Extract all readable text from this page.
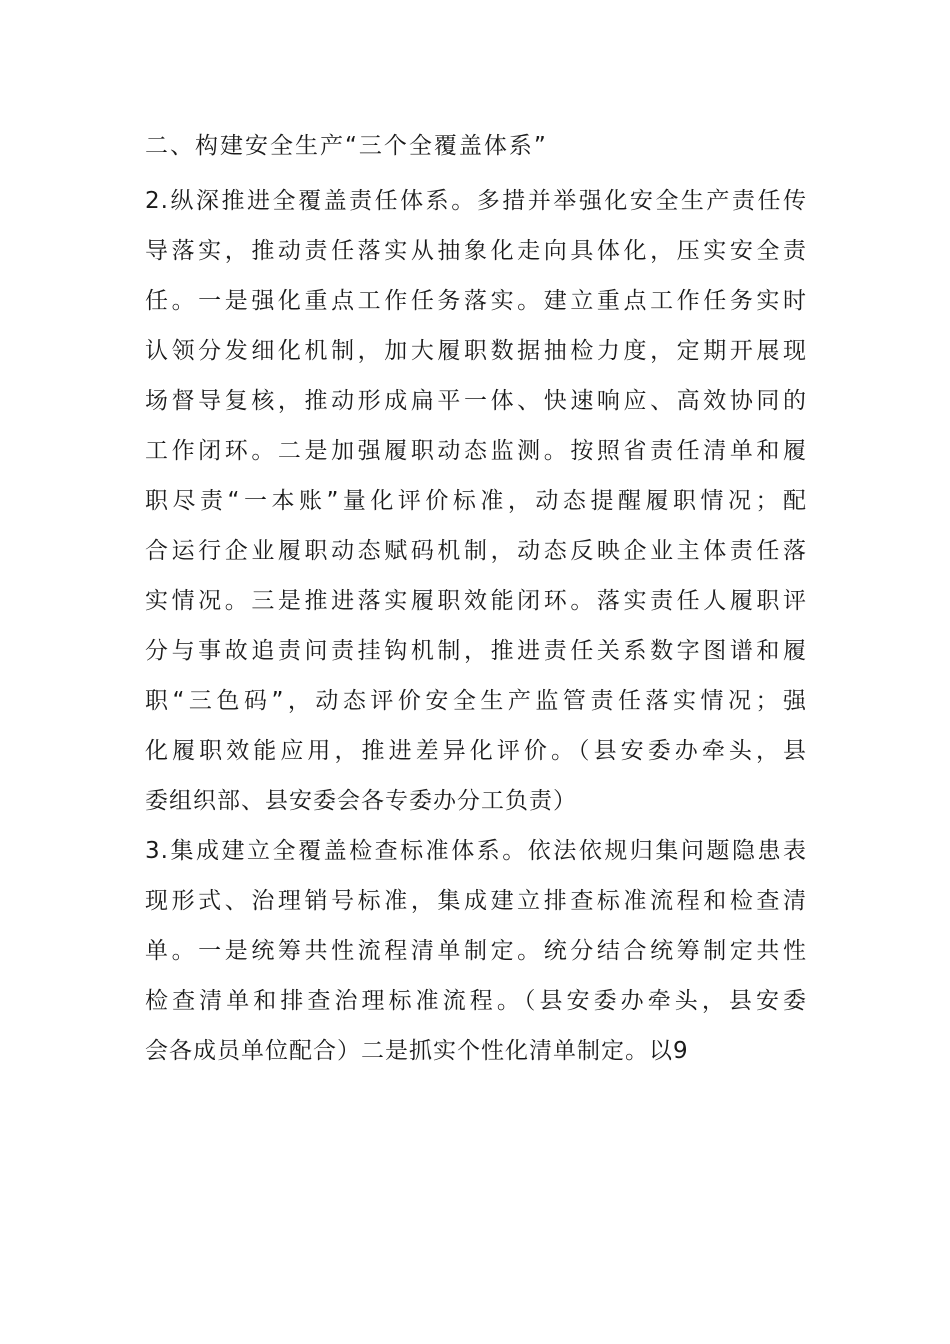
二、构建安全生产“三个全覆盖体系”
2.纵深推进全覆盖责任体系。多措并举强化安全生产责任传
导落实，推动责任落实从抽象化走向具体化，压实安全责
任。一是强化重点工作任务落实。建立重点工作任务实时
认领分发细化机制，加大履职数据抽检力度，定期开展现
场督导复核，推动形成扁平一体、快速响应、高效协同的
工作闭环。二是加强履职动态监测。按照省责任清单和履
职尽责“一本账”量化评价标准，动态提醒履职情况；配
合运行企业履职动态赋码机制，动态反映企业主体责任落
实情况。三是推进落实履职效能闭环。落实责任人履职评
分与事故追责问责挂钩机制，推进责任关系数字图谱和履
职“三色码”，动态评价安全生产监管责任落实情况；强
化履职效能应用，推进差异化评价。（县安委办牵头，县
委组织部、县安委会各专委办分工负责）
3.集成建立全覆盖检查标准体系。依法依规归集问题隐患表
现形式、治理销号标准，集成建立排查标准流程和检查清
单。一是统筹共性流程清单制定。统分结合统筹制定共性
检查清单和排查治理标准流程。（县安委办牵头，县安委
会各成员单位配合）二是抓实个性化清单制定。以9
